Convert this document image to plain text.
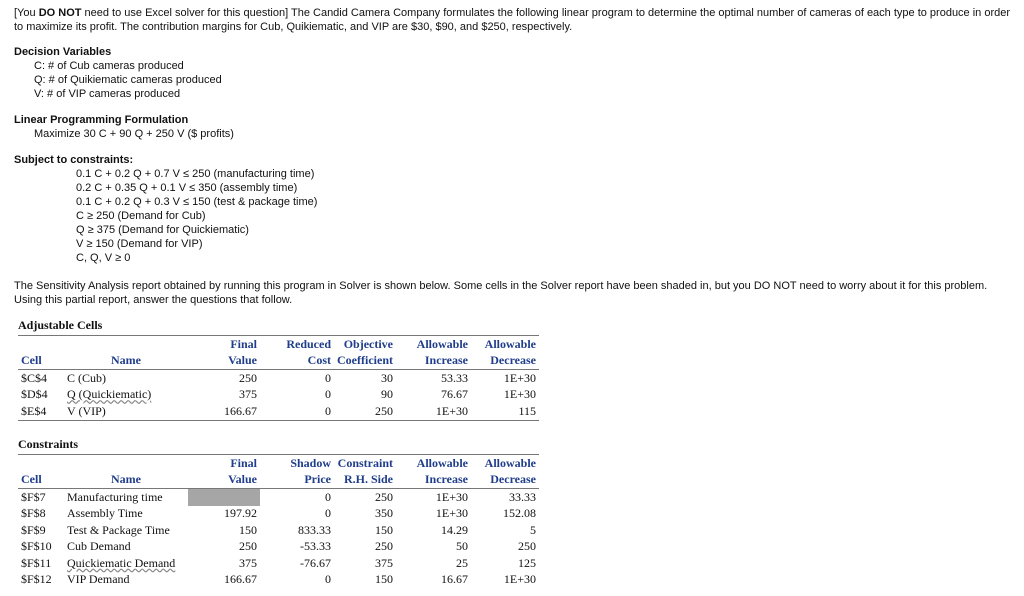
[You DO NOT need to use Excel solver for this question] The Candid Camera Company formulates the following linear program to determine the optimal number of cameras of each type to produce in order to maximize its profit. The contribution margins for Cub, Quikiematic, and VIP are $30, $90, and $250, respectively.
Decision Variables
C: # of Cub cameras produced
Q: # of Quikiematic cameras produced
V: # of VIP cameras produced
Linear Programming Formulation
Maximize 30 C + 90 Q + 250 V ($ profits)
Subject to constraints:
0.1 C + 0.2 Q + 0.7 V ≤ 250 (manufacturing time)
0.2 C + 0.35 Q + 0.1 V ≤ 350 (assembly time)
0.1 C + 0.2 Q + 0.3 V ≤ 150 (test & package time)
C ≥ 250 (Demand for Cub)
Q ≥ 375 (Demand for Quickiematic)
V ≥ 150 (Demand for VIP)
C, Q, V ≥ 0
The Sensitivity Analysis report obtained by running this program in Solver is shown below. Some cells in the Solver report have been shaded in, but you DO NOT need to worry about it for this problem. Using this partial report, answer the questions that follow.
Adjustable Cells
		Final	Reduced	Objective	Allowable	Allowable
Cell	Name	Value	Cost	Coefficient	Increase	Decrease
$C$4	C (Cub)	250	0	30	53.33	1E+30
$D$4	Q (Quickiematic)	375	0	90	76.67	1E+30
$E$4	V (VIP)	166.67	0	250	1E+30	115
Constraints
		Final	Shadow	Constraint	Allowable	Allowable
Cell	Name	Value	Price	R.H. Side	Increase	Decrease
$F$7	Manufacturing time		0	250	1E+30	33.33
$F$8	Assembly Time	197.92	0	350	1E+30	152.08
$F$9	Test & Package Time	150	833.33	150	14.29	5
$F$10	Cub Demand	250	-53.33	250	50	250
$F$11	Quickiematic Demand	375	-76.67	375	25	125
$F$12	VIP Demand	166.67	0	150	16.67	1E+30
